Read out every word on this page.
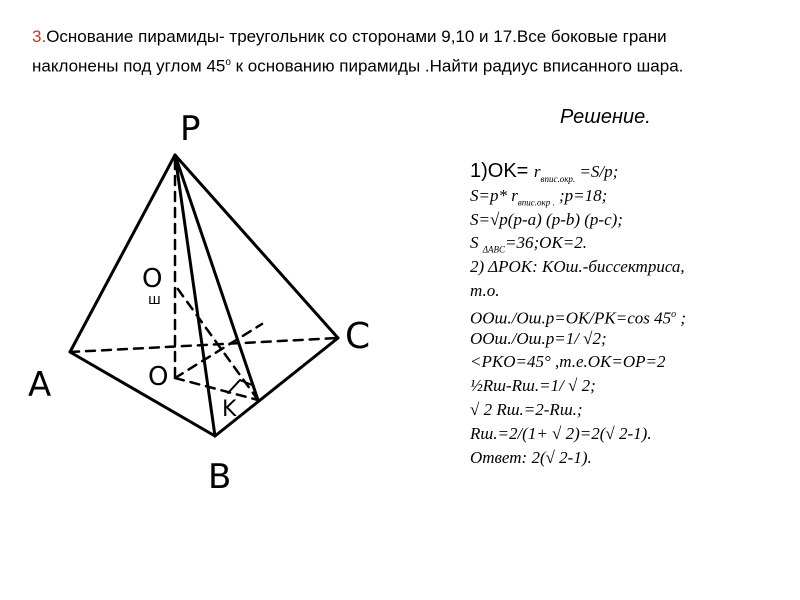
3.Основание пирамиды- треугольник со сторонами 9,10 и 17.Все боковые грани
наклонены под углом 45$^o$ к основанию пирамиды .Найти радиус вписанного шара.
P
C
A
B
O
ш
O
K
Решение.
$1)OK= r_{впис.окр.} =S/p$;
S=p* $r_{впис.окр .}$ ;p=18;
S=√p(p-a) (p-b) (p-c);
S $_{\Delta ABC}$=36;OK=2.
2) ΔPOK: KOш.-биссектриса,
т.о.
OOш./Oш.p=OK/PK=cos 45$^o$ ;
OOш./Oш.p=1/ √2;
<PKO=45° ,т.е.OK=OP=2
½Rш-Rш.=1/ √ 2;
√ 2 Rш.=2-Rш.;
Rш.=2/(1+ √ 2)=2(√ 2-1).
Ответ: 2(√ 2-1).
